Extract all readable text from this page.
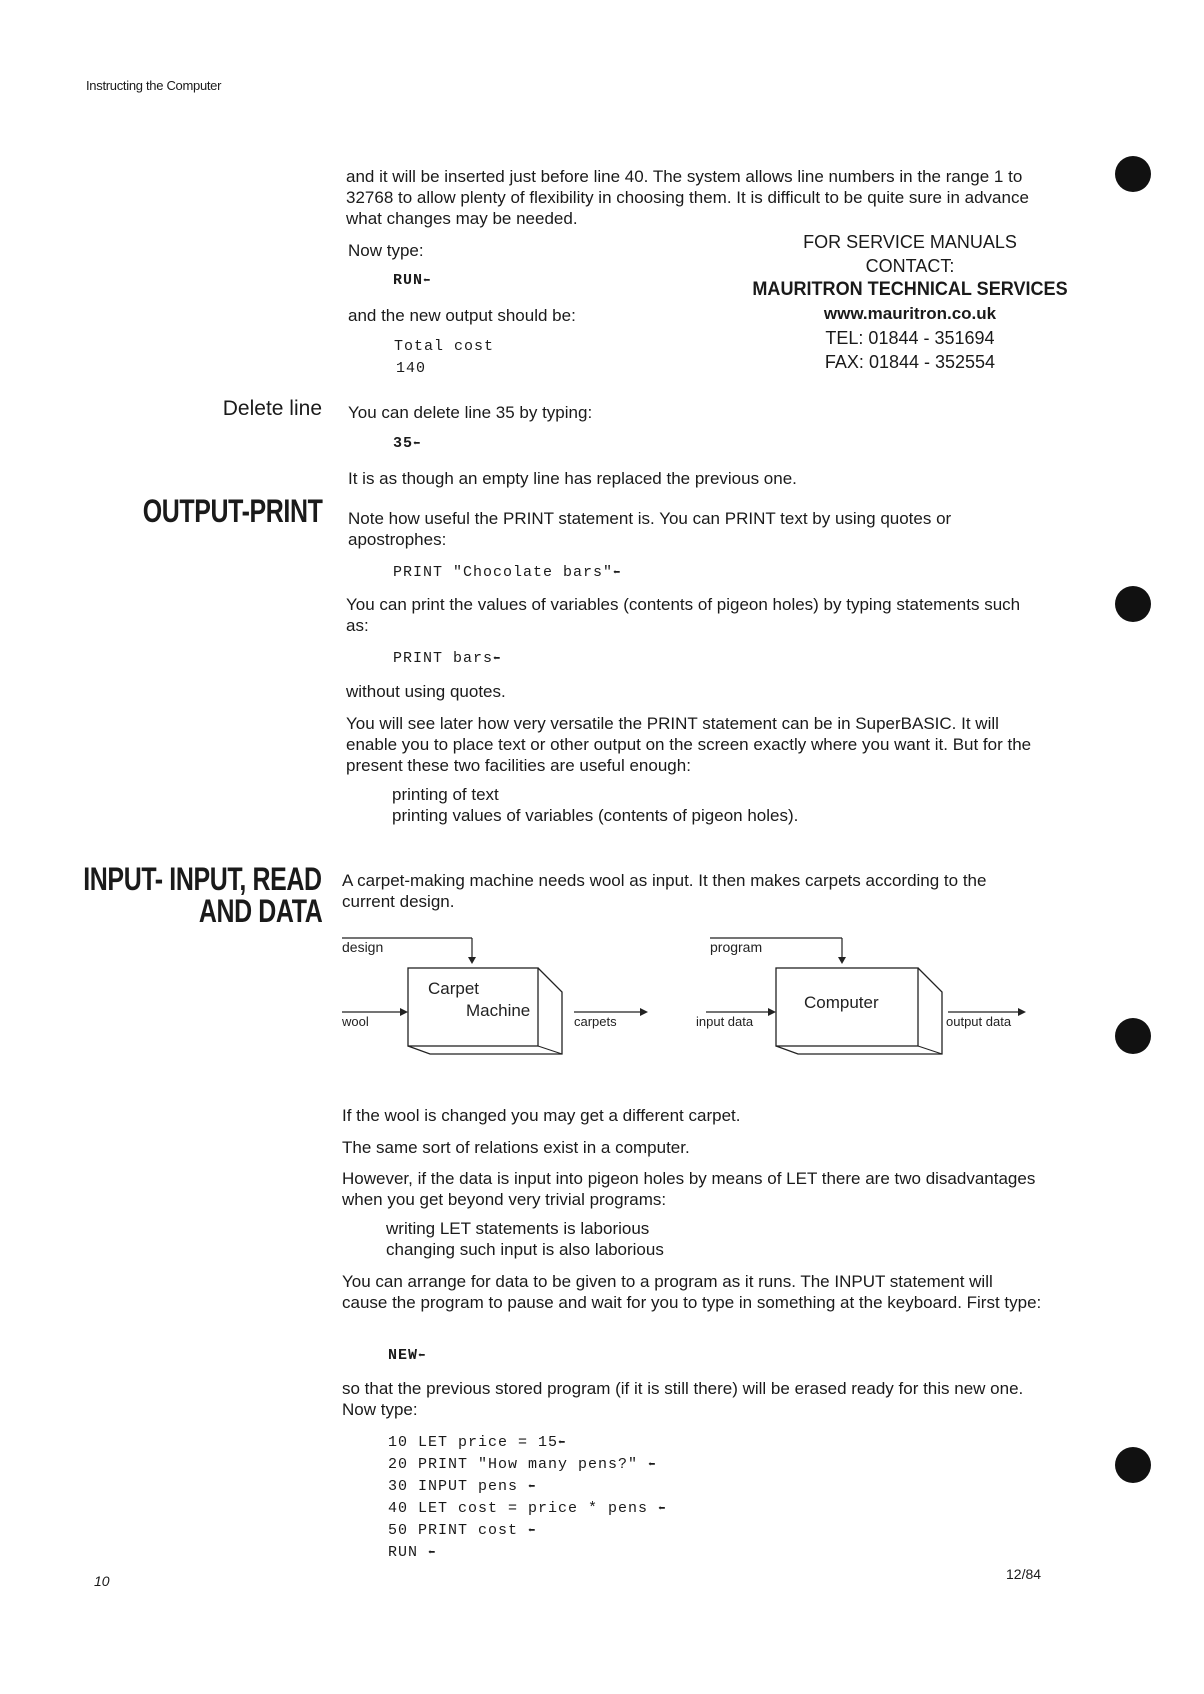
Instructing the Computer
and it will be inserted just before line 40. The system allows line numbers in the range 1 to 32768 to allow plenty of flexibility in choosing them. It is difficult to be quite sure in advance what changes may be needed.
Now type:
RUN⬅
and the new output should be:
Total cost
140
FOR SERVICE MANUALS
CONTACT:
MAURITRON TECHNICAL SERVICES
www.mauritron.co.uk
TEL: 01844 - 351694
FAX: 01844 - 352554
Delete line You can delete line 35 by typing:
35⬅
It is as though an empty line has replaced the previous one.
OUTPUT-PRINT Note how useful the PRINT statement is. You can PRINT text by using quotes or apostrophes:
PRINT "Chocolate bars"⬅
You can print the values of variables (contents of pigeon holes) by typing statements such as:
PRINT bars⬅
without using quotes.
You will see later how very versatile the PRINT statement can be in SuperBASIC. It will enable you to place text or other output on the screen exactly where you want it. But for the present these two facilities are useful enough:
printing of text
printing values of variables (contents of pigeon holes).
INPUT- INPUT, READ
AND DATA
A carpet-making machine needs wool as input. It then makes carpets according to the current design.
design
Carpet
Machine
wool	carpets
program
Computer
input data	output data
If the wool is changed you may get a different carpet.
The same sort of relations exist in a computer.
However, if the data is input into pigeon holes by means of LET there are two disadvantages when you get beyond very trivial programs:
writing LET statements is laborious
changing such input is also laborious
You can arrange for data to be given to a program as it runs. The INPUT statement will cause the program to pause and wait for you to type in something at the keyboard. First type:
NEW⬅
so that the previous stored program (if it is still there) will be erased ready for this new one. Now type:
10 LET price = 15⬅
20 PRINT "How many pens?" ⬅
30 INPUT pens ⬅
40 LET cost = price * pens ⬅
50 PRINT cost ⬅
RUN ⬅
10	12/84
